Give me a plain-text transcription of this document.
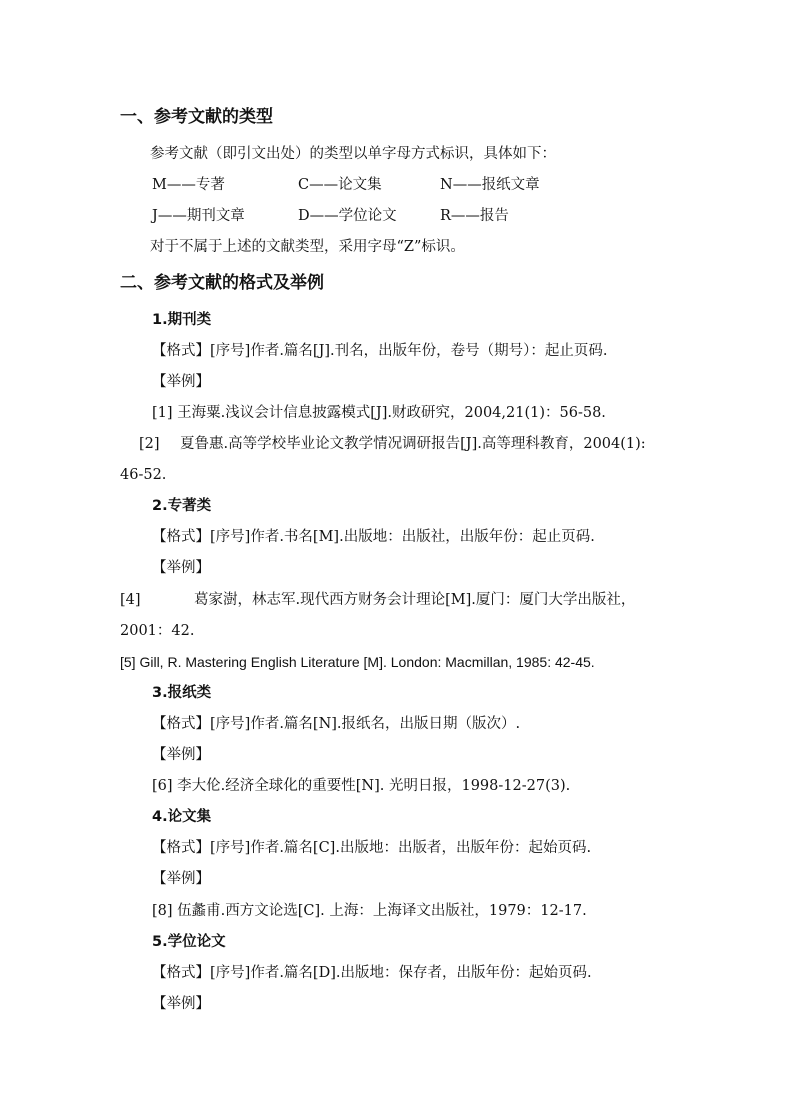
一、参考文献的类型
参考文献（即引文出处）的类型以单字母方式标识，具体如下：
M——专著	C——论文集	N——报纸文章
J——期刊文章	D——学位论文	R——报告
对于不属于上述的文献类型，采用字母“Z”标识。
二、参考文献的格式及举例
1.期刊类
【格式】[序号]作者.篇名[J].刊名，出版年份，卷号（期号）：起止页码.
【举例】
[1] 王海粟.浅议会计信息披露模式[J].财政研究，2004,21(1)：56-58.
[2] 夏鲁惠.高等学校毕业论文教学情况调研报告[J].高等理科教育，2004(1):
46-52.
2.专著类
【格式】[序号]作者.书名[M].出版地：出版社，出版年份：起止页码.
【举例】
[4]	葛家澍，林志军.现代西方财务会计理论[M].厦门：厦门大学出版社，
2001：42.
[5] Gill, R. Mastering English Literature [M]. London: Macmillan, 1985: 42-45.
3.报纸类
【格式】[序号]作者.篇名[N].报纸名，出版日期（版次）.
【举例】
[6] 李大伦.经济全球化的重要性[N]. 光明日报，1998-12-27(3).
4.论文集
【格式】[序号]作者.篇名[C].出版地：出版者，出版年份：起始页码.
【举例】
[8] 伍蠡甫.西方文论选[C]. 上海：上海译文出版社，1979：12-17.
5.学位论文
【格式】[序号]作者.篇名[D].出版地：保存者，出版年份：起始页码.
【举例】
